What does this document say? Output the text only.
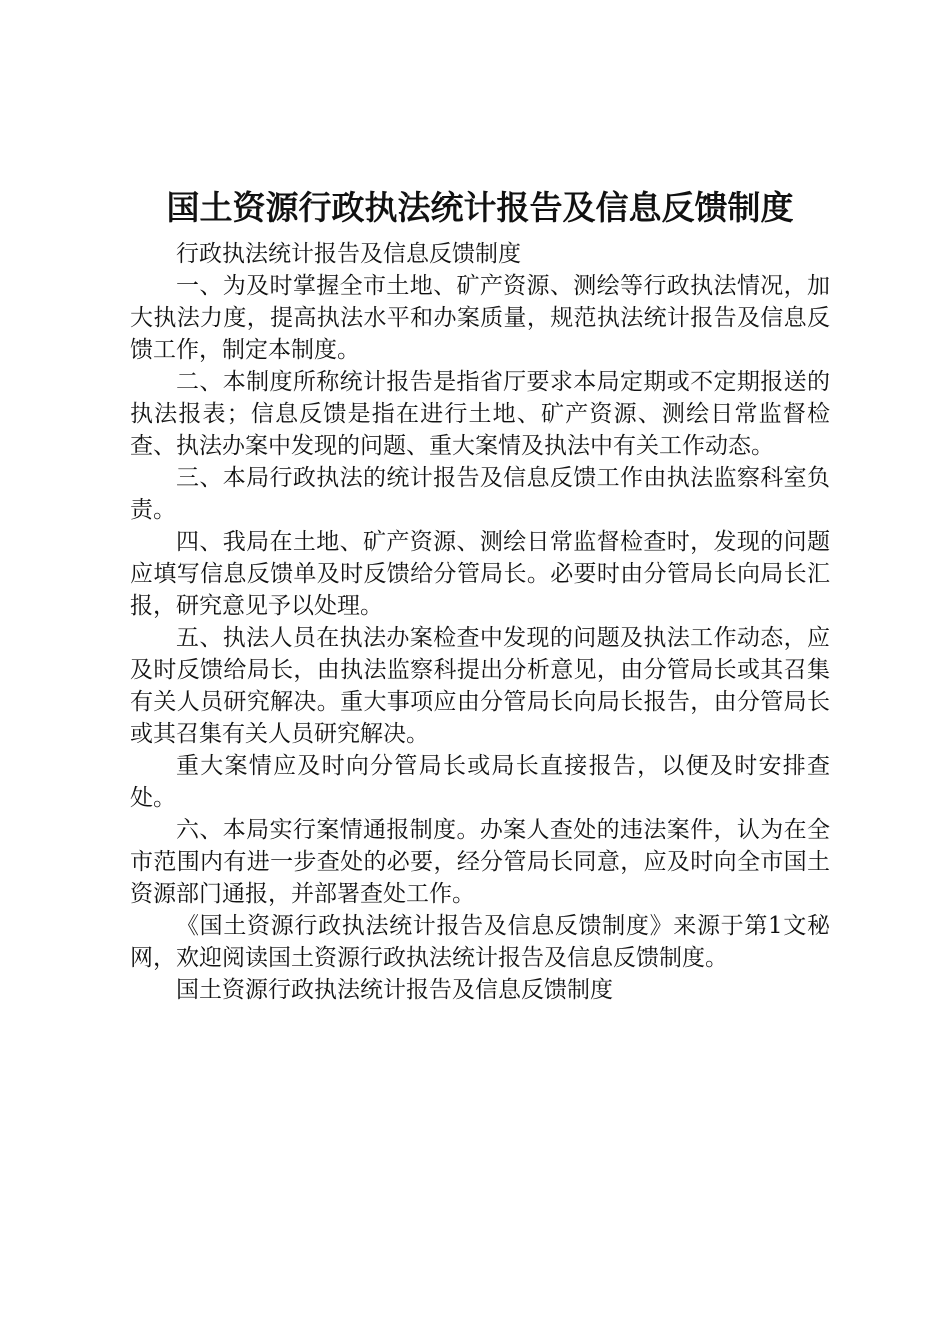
国土资源行政执法统计报告及信息反馈制度

行政执法统计报告及信息反馈制度

一、为及时掌握全市土地、矿产资源、测绘等行政执法情况，加大执法力度，提高执法水平和办案质量，规范执法统计报告及信息反馈工作，制定本制度。

二、本制度所称统计报告是指省厅要求本局定期或不定期报送的执法报表；信息反馈是指在进行土地、矿产资源、测绘日常监督检查、执法办案中发现的问题、重大案情及执法中有关工作动态。

三、本局行政执法的统计报告及信息反馈工作由执法监察科室负责。

四、我局在土地、矿产资源、测绘日常监督检查时，发现的问题应填写信息反馈单及时反馈给分管局长。必要时由分管局长向局长汇报，研究意见予以处理。

五、执法人员在执法办案检查中发现的问题及执法工作动态，应及时反馈给局长，由执法监察科提出分析意见，由分管局长或其召集有关人员研究解决。重大事项应由分管局长向局长报告，由分管局长或其召集有关人员研究解决。

重大案情应及时向分管局长或局长直接报告，以便及时安排查处。

六、本局实行案情通报制度。办案人查处的违法案件，认为在全市范围内有进一步查处的必要，经分管局长同意，应及时向全市国土资源部门通报，并部署查处工作。

《国土资源行政执法统计报告及信息反馈制度》来源于第1文秘网，欢迎阅读国土资源行政执法统计报告及信息反馈制度。

国土资源行政执法统计报告及信息反馈制度
